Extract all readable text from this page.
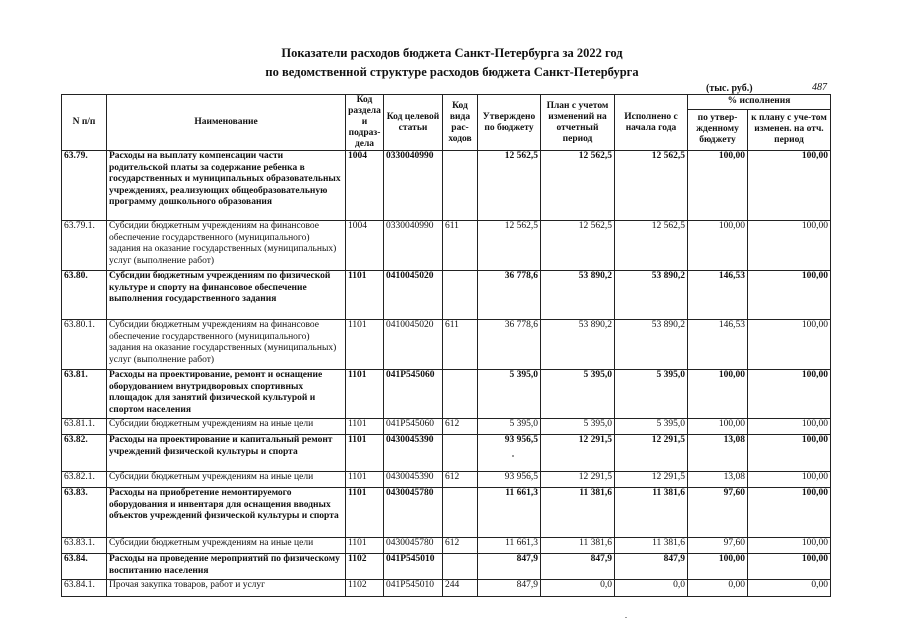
Показатели расходов бюджета Санкт-Петербурга за 2022 год
по ведомственной структуре расходов бюджета Санкт-Петербурга
(тыс. руб.)	487
N п/п	Наименование	Код раздела и подраз-дела	Код целевой статьи	Код вида рас-ходов	Утверждено по бюджету	План с учетом изменений на отчетный период	Исполнено с начала года	% исполнения	
								по утвер-жденному бюджету	к плану с уче-том изменен. на отч. период
63.79.	Расходы на выплату компенсации части родительской платы за содержание ребенка в государственных и муниципальных образовательных учреждениях, реализующих общеобразовательную программу дошкольного образования	1004	0330040990		12 562,5	12 562,5	12 562,5	100,00	100,00
63.79.1.	Субсидии бюджетным учреждениям на финансовое обеспечение государственного (муниципального) задания на оказание государственных (муниципальных) услуг (выполнение работ)	1004	0330040990	611	12 562,5	12 562,5	12 562,5	100,00	100,00
63.80.	Субсидии бюджетным учреждениям по физической культуре и спорту на финансовое обеспечение выполнения государственного задания	1101	0410045020		36 778,6	53 890,2	53 890,2	146,53	100,00
63.80.1.	Субсидии бюджетным учреждениям на финансовое обеспечение государственного (муниципального) задания на оказание государственных (муниципальных) услуг (выполнение работ)	1101	0410045020	611	36 778,6	53 890,2	53 890,2	146,53	100,00
63.81.	Расходы на проектирование, ремонт и оснащение оборудованием внутридворовых спортивных площадок для занятий физической культурой и спортом населения	1101	041P545060		5 395,0	5 395,0	5 395,0	100,00	100,00
63.81.1.	Субсидии бюджетным учреждениям на иные цели	1101	041P545060	612	5 395,0	5 395,0	5 395,0	100,00	100,00
63.82.	Расходы на проектирование и капитальный ремонт учреждений физической культуры и спорта	1101	0430045390		93 956,5	12 291,5	12 291,5	13,08	100,00
63.82.1.	Субсидии бюджетным учреждениям на иные цели	1101	0430045390	612	93 956,5	12 291,5	12 291,5	13,08	100,00
63.83.	Расходы на приобретение немонтируемого оборудования и инвентаря для оснащения вводных объектов учреждений физической культуры и спорта	1101	0430045780		11 661,3	11 381,6	11 381,6	97,60	100,00
63.83.1.	Субсидии бюджетным учреждениям на иные цели	1101	0430045780	612	11 661,3	11 381,6	11 381,6	97,60	100,00
63.84.	Расходы на проведение мероприятий по физическому воспитанию населения	1102	041P545010		847,9	847,9	847,9	100,00	100,00
63.84.1.	Прочая закупка товаров, работ и услуг	1102	041P545010	244	847,9	0,0	0,0	0,00	0,00
